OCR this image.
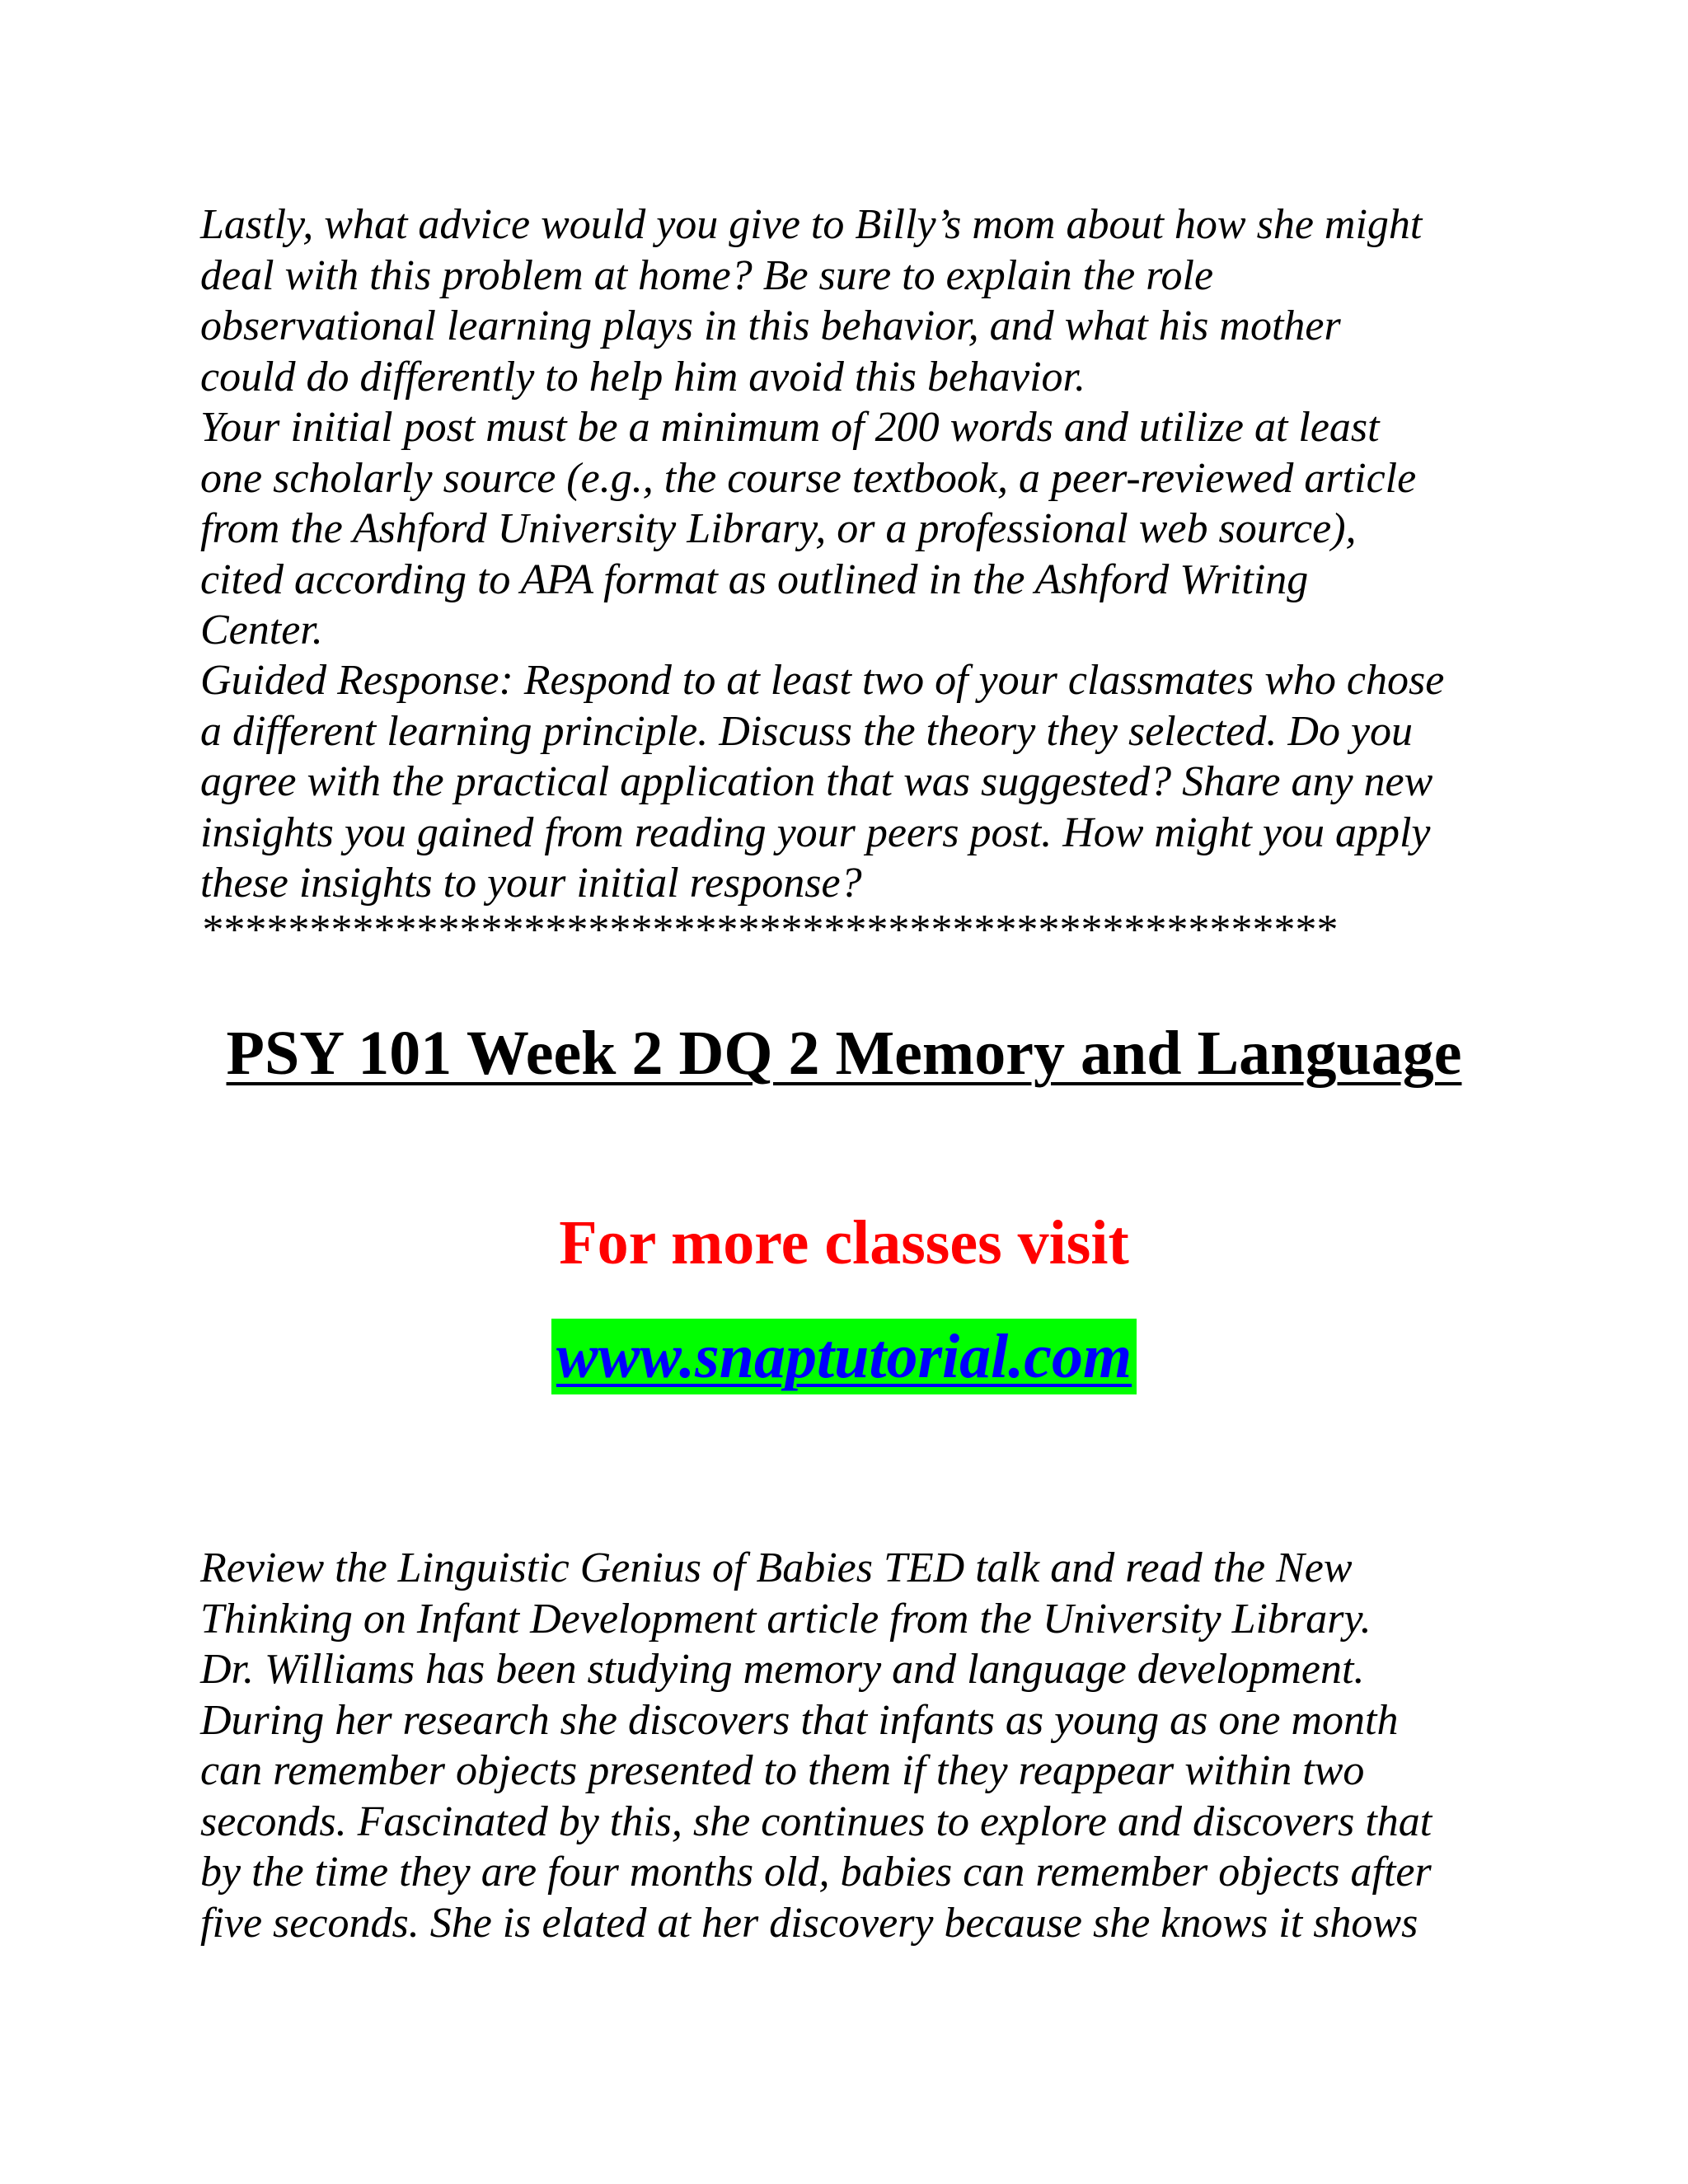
Lastly, what advice would you give to Billy’s mom about how she might
deal with this problem at home? Be sure to explain the role
observational learning plays in this behavior, and what his mother
could do differently to help him avoid this behavior.

Your initial post must be a minimum of 200 words and utilize at least
one scholarly source (e.g., the course textbook, a peer-reviewed article
from the Ashford University Library, or a professional web source),
cited according to APA format as outlined in the Ashford Writing
Center.

Guided Response: Respond to at least two of your classmates who chose
a different learning principle. Discuss the theory they selected. Do you
agree with the practical application that was suggested? Share any new
insights you gained from reading your peers post. How might you apply
these insights to your initial response?

*****************************************************

PSY 101 Week 2 DQ 2 Memory and Language

For more classes visit

www.snaptutorial.com

Review the Linguistic Genius of Babies TED talk and read the New
Thinking on Infant Development article from the University Library.
Dr. Williams has been studying memory and language development.
During her research she discovers that infants as young as one month
can remember objects presented to them if they reappear within two
seconds. Fascinated by this, she continues to explore and discovers that
by the time they are four months old, babies can remember objects after
five seconds. She is elated at her discovery because she knows it shows
